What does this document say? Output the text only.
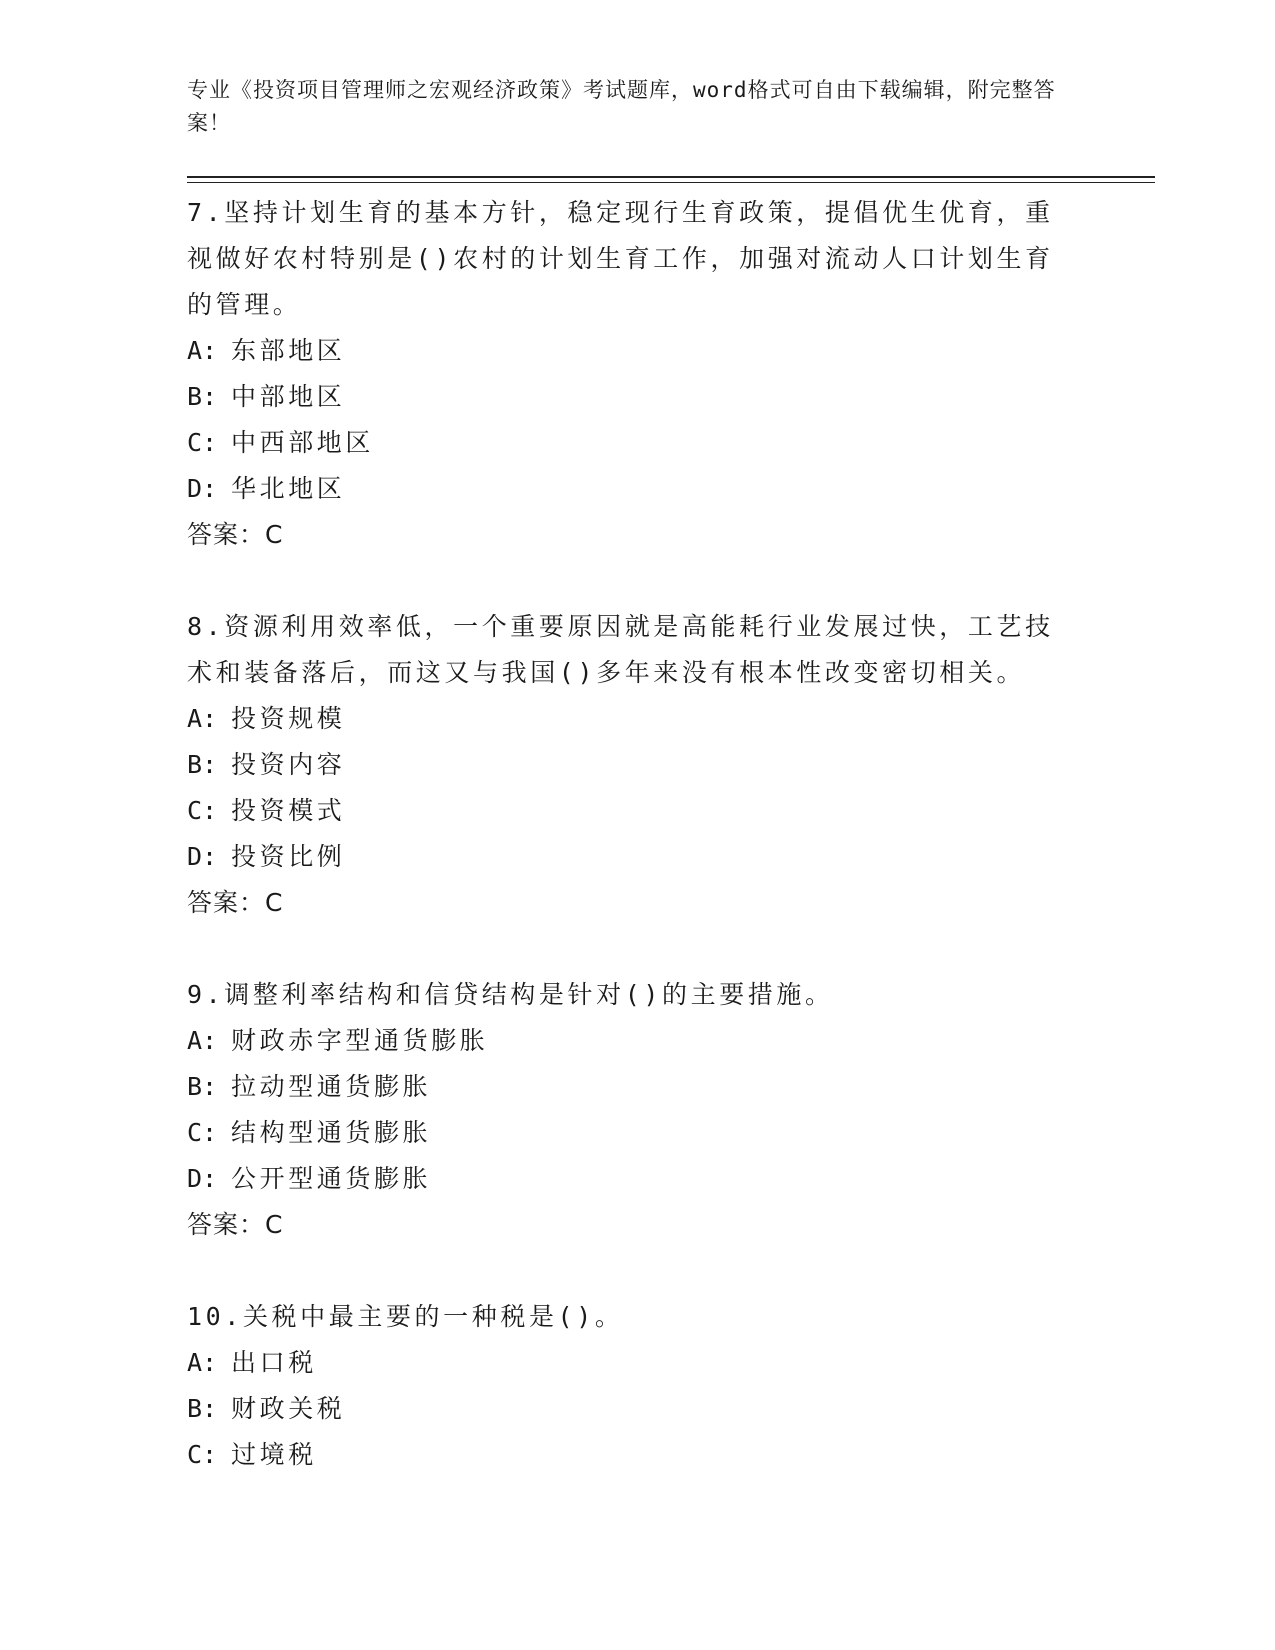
专业《投资项目管理师之宏观经济政策》考试题库，word格式可自由下载编辑，附完整答案！
7.坚持计划生育的基本方针，稳定现行生育政策，提倡优生优育，重视做好农村特别是()农村的计划生育工作，加强对流动人口计划生育的管理。
A: 东部地区
B: 中部地区
C: 中西部地区
D: 华北地区
答案：C
8.资源利用效率低，一个重要原因就是高能耗行业发展过快，工艺技术和装备落后，而这又与我国()多年来没有根本性改变密切相关。
A: 投资规模
B: 投资内容
C: 投资模式
D: 投资比例
答案：C
9.调整利率结构和信贷结构是针对()的主要措施。
A: 财政赤字型通货膨胀
B: 拉动型通货膨胀
C: 结构型通货膨胀
D: 公开型通货膨胀
答案：C
10.关税中最主要的一种税是()。
A: 出口税
B: 财政关税
C: 过境税
